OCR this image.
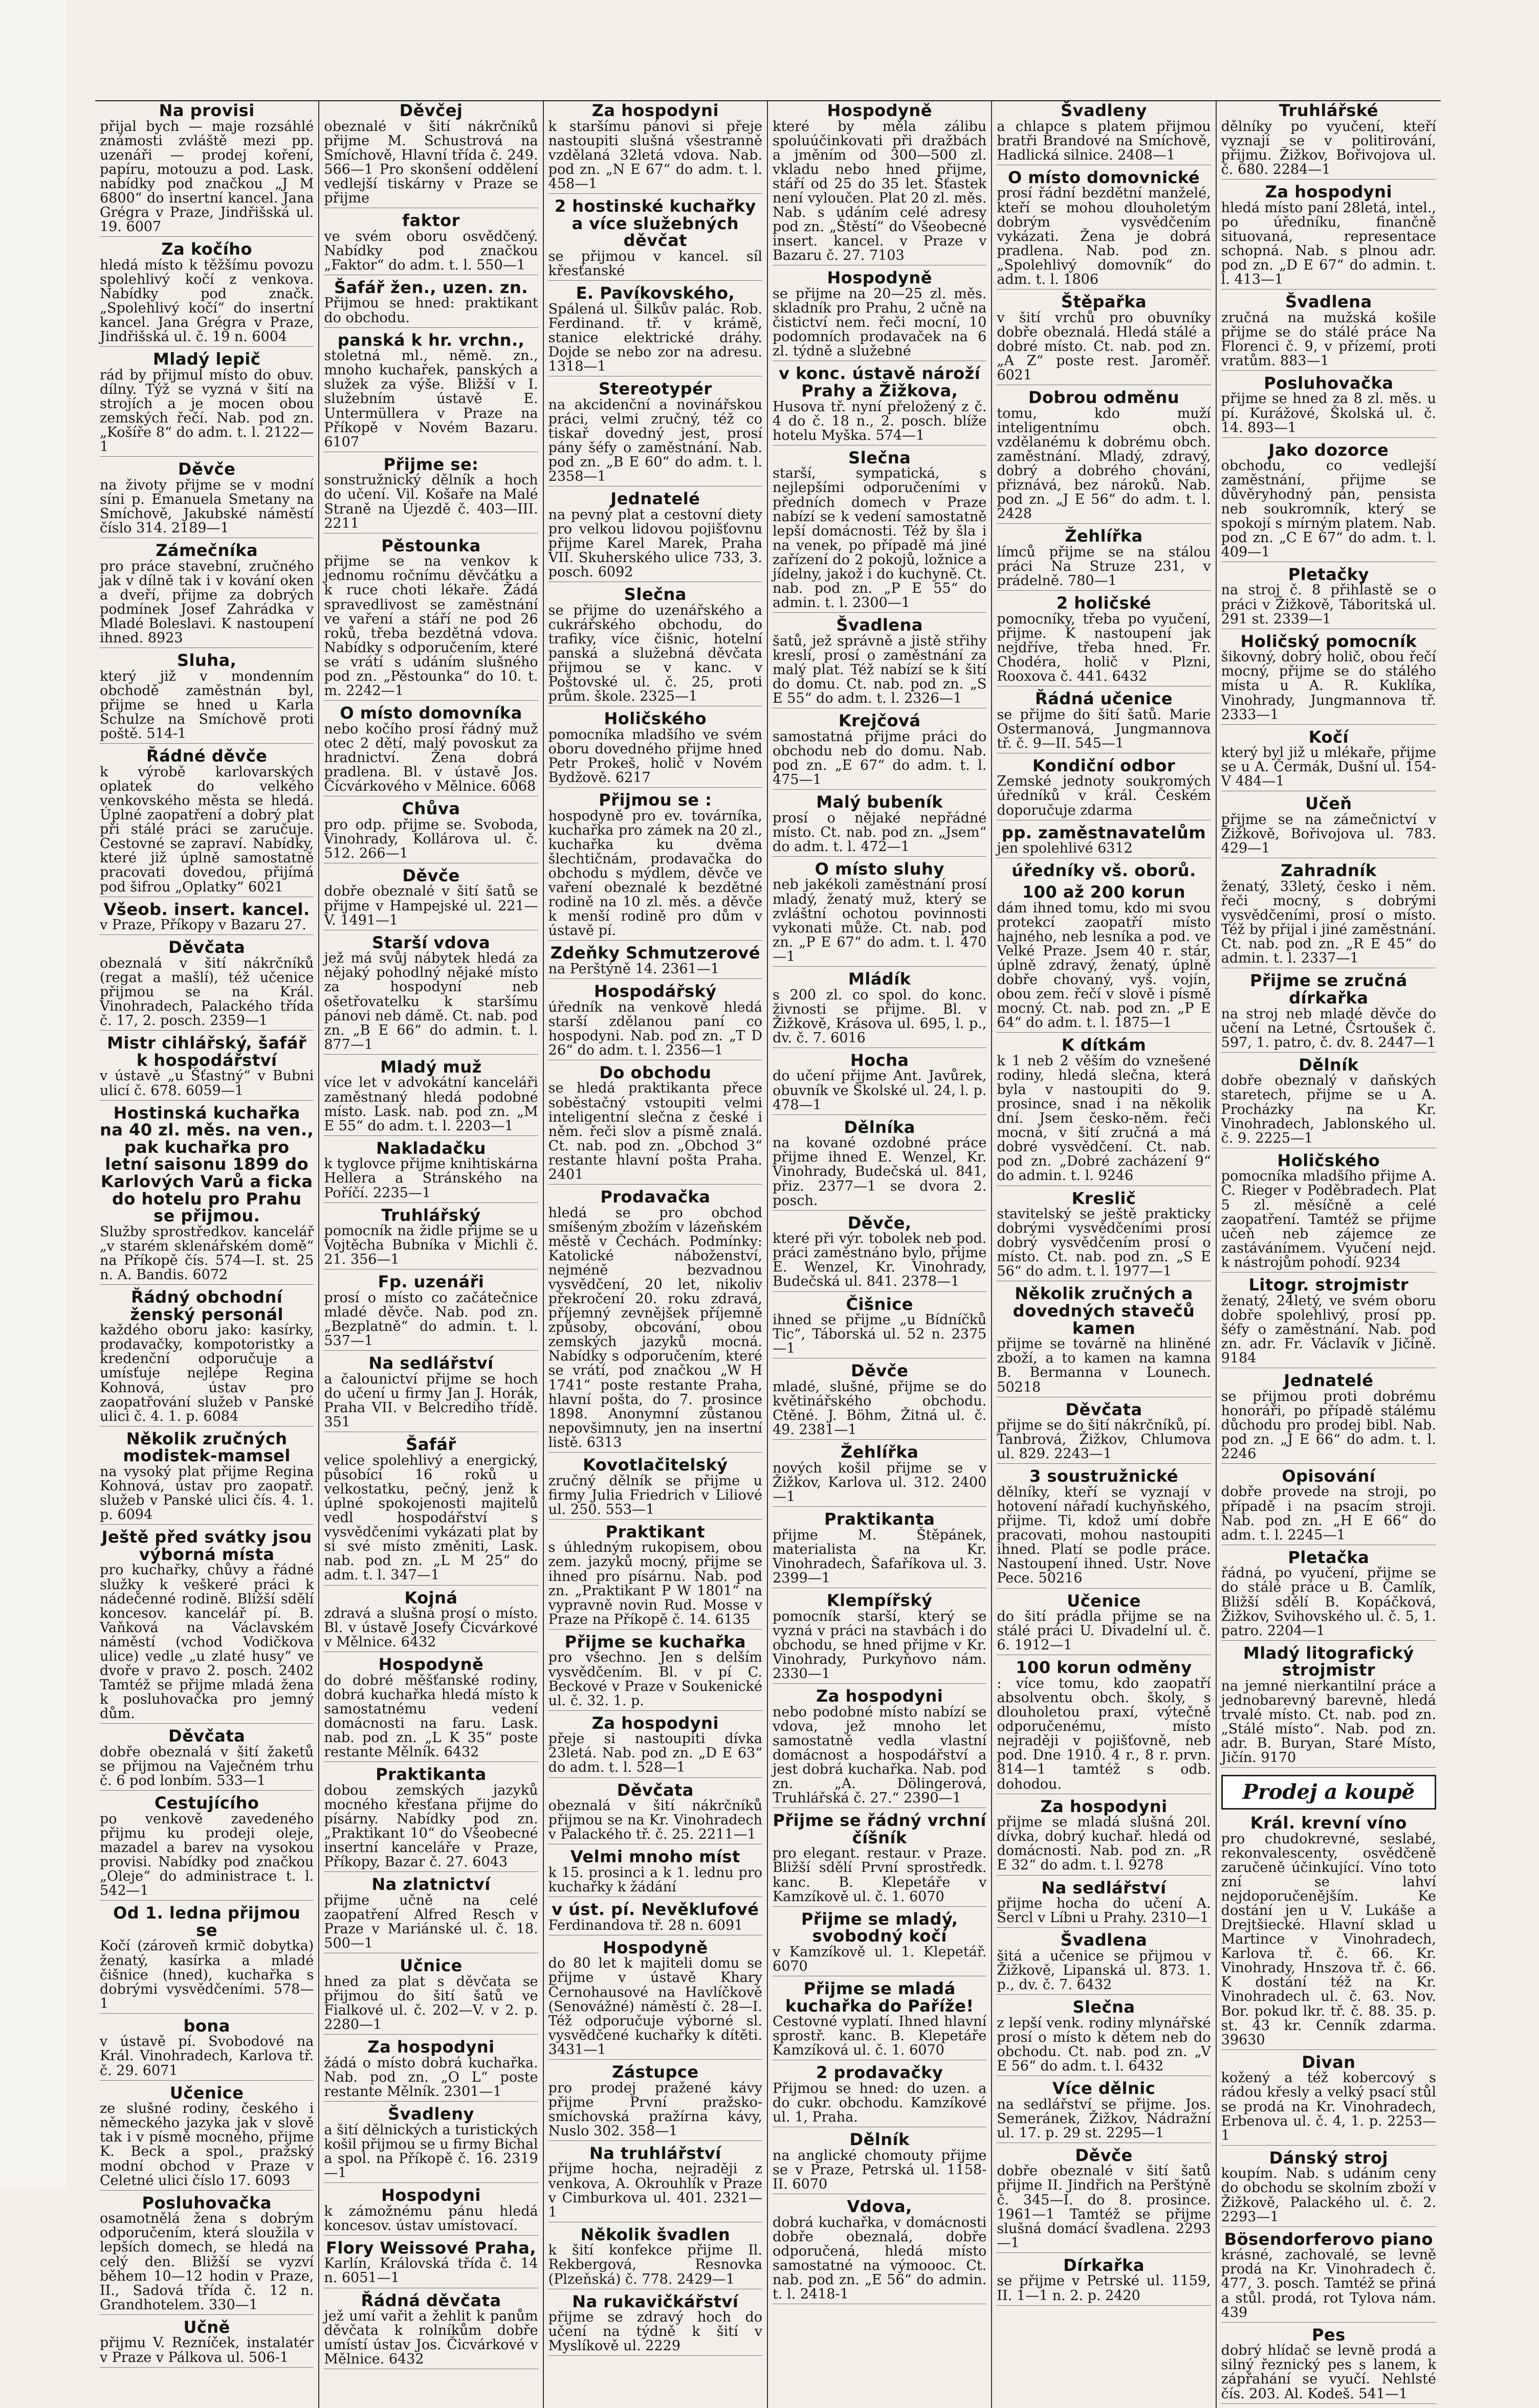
Na provisi
přijal bych — maje rozsáhlé známosti zvláště mezi pp. uzenáři — prodej koření, papíru, motouzu a pod. Lask. nabídky pod značkou „J M 6800“ do insertní kancel. Jana Grégra v Praze, Jindřišská ul. 19. 6007
Za kočího
hledá místo k těžšímu povozu spolehlivý kočí z venkova. Nabídky pod značk. „Spolehlivý kočí“ do insertní kancel. Jana Grégra v Praze, Jindřišská ul. č. 19 n. 6004
Mladý lepič
rád by přijmul místo do obuv. dílny. Týž se vyzná v šití na strojích a je mocen obou zemských řečí. Nab. pod zn. „Košíře 8“ do adm. t. l. 2122—1
Děvče
na životy přijme se v modní síni p. Emanuela Smetany na Smíchově, Jakubské náměstí číslo 314. 2189—1
Zámečníka
pro práce stavební, zručného jak v dílně tak i v kování oken a dveří, přijme za dobrých podmínek Josef Zahrádka v Mladé Boleslavi. K nastoupení ihned. 8923
Sluha,
který již v mondenním obchodě zaměstnán byl, přijme se hned u Karla Schulze na Smíchově proti poště. 514-1
Řádné děvče
k výrobě karlovarských oplatek do velkého venkovského města se hledá. Úplné zaopatření a dobrý plat při stálé práci se zaručuje. Cestovné se zapraví. Nabídky, které již úplně samostatně pracovati dovedou, přijímá pod šifrou „Oplatky“ 6021
Všeob. insert. kancel.
v Praze, Příkopy v Bazaru 27.
Děvčata
obeznalá v šití nákrčníků (regat a mašlí), též učenice přijmou se na Král. Vinohradech, Palackého třída č. 17, 2. posch. 2359—1
Mistr cihlářský, šafář k hospodářství
v ústavě „u Šťastný“ v Bubni ulicí č. 678. 6059—1
Hostinská kuchařka na 40 zl. měs. na ven., pak kuchařka pro letní saisonu 1899 do Karlových Varů a ficka do hotelu pro Prahu se přijmou.
Služby sprostředkov. kancelář „v starém sklenářském domě“ na Příkopě čís. 574—I. st. 25 n. A. Bandis. 6072
Řádný obchodní ženský personál
každého oboru jako: kasírky, prodavačky, kompotoristky a kredenční odporučuje a umísťuje nejlépe Regina Kohnová, ústav pro zaopatřování služeb v Panské ulici č. 4. 1. p. 6084
Několik zručných modistek-mamsel
na vysoký plat přijme Regina Kohnová, ústav pro zaopatř. služeb v Panské ulici čís. 4. 1. p. 6094
Ještě před svátky jsou výborná místa
pro kuchařky, chůvy a řádné služky k veškeré práci k nádečenné rodině. Bližší sdělí koncesov. kancelář pí. B. Vaňková na Václavském náměstí (vchod Vodičkova ulice) vedle „u zlaté husy“ ve dvoře v pravo 2. posch. 2402 Tamtéž se přijme mladá žena k posluhovačka pro jemný dům.
Děvčata
dobře obeznalá v šití žaketů se přijmou na Vaječném trhu č. 6 pod lonbím. 533—1
Cestujícího
po venkově zavedeného přijmu ku prodeji oleje, mazadel a barev na vysokou provisi. Nabídky pod značkou „Oleje“ do administrace t. l. 542—1
Od 1. ledna přijmou se
Kočí (zároveň krmič dobytka) ženatý, kasírka a mladé čišnice (hned), kuchařka s dobrými vysvědčeními. 578—1
bona
v ústavě pí. Svobodové na Král. Vinohradech, Karlova tř. č. 29. 6071
Učenice
ze slušné rodiny, českého i německého jazyka jak v slově tak i v písmě mocného, přijme K. Beck a spol., pražský modní obchod v Praze v Celetné ulici číslo 17. 6093
Posluhovačka
osamotnělá žena s dobrým odporučením, která sloužila v lepších domech, se hledá na celý den. Bližší se vyzví během 10—12 hodin v Praze, II., Sadová třída č. 12 n. Grandhotelem. 330—1
Učně
přijmu V. Rezníček, instalatér v Praze v Pálkova ul. 506-1
Děvčej
obeznalé v šití nákrčníků přijme M. Schustrová na Smíchově, Hlavní třída č. 249. 566—1 Pro skonšení oddělení vedlejší tiskárny v Praze se přijme
faktor
ve svém oboru osvědčený. Nabídky pod značkou „Faktor“ do adm. t. l. 550—1
Šafář žen., uzen. zn.
Přijmou se hned: praktikant do obchodu.
panská k hr. vrchn.,
stoletná ml., němě. zn., mnoho kuchařek, panských a služek za výše. Bližší v I. služebním ústavě E. Untermüllera v Praze na Příkopě v Novém Bazaru. 6107
Přijme se:
sonstružnický dělník a hoch do učení. Vil. Košaře na Malé Straně na Újezdě č. 403—III. 2211
Pěstounka
přijme se na venkov k jednomu ročnímu děvčátku a k ruce choti lékaře. Žádá spravedlivost se zaměstnání ve vaření a stáří ne pod 26 roků, třeba bezdětná vdova. Nabídky s odporučením, které se vrátí s udáním slušného pod zn. „Pěstounka“ do 10. t. m. 2242—1
O místo domovníka
nebo kočího prosí řádný muž otec 2 dětí, malý povoskut za hradnictví. Žena dobrá pradlena. Bl. v ústavě Jos. Čícvárkového v Mělnice. 6068
Chůva
pro odp. přijme se. Svoboda, Vinohrady, Kollárova ul. č. 512. 266—1
Děvče
dobře obeznalé v šití šatů se přijme v Hampejské ul. 221—V. 1491—1
Starší vdova
jež má svůj nábytek hledá za nějaký pohodlný nějaké místo za hospodyní neb ošetřovatelku k staršímu pánovi neb dámě. Ct. nab. pod zn. „B E 66“ do admin. t. l. 877—1
Mladý muž
více let v advokátní kanceláři zaměstnaný hledá podobné místo. Lask. nab. pod zn. „M E 55“ do adm. t. l. 2203—1
Nakladačku
k tyglovce přijme knihtiskárna Hellera a Stránského na Poříčí. 2235—1
Truhlářský
pomocník na židle přijme se u Vojtěcha Bubníka v Michli č. 21. 356—1
Fp. uzenáři
prosí o místo co začátečnice mladé děvče. Nab. pod zn. „Bezplatně“ do admin. t. l. 537—1
Na sedlářství
a čalounictví přijme se hoch do učení u firmy Jan J. Horák, Praha VII. v Belcrediho třídě. 351
Šafář
velice spolehlivý a energický, působící 16 roků u velkostatku, pečný, jenž k úplné spokojenosti majitelů vedl hospodářství s vysvědčeními vykázati plat by si své místo změniti, Lask. nab. pod zn. „L M 25“ do adm. t. l. 347—1
Kojná
zdravá a slušná prosí o místo. Bl. v ústavě Josefy Čicvárkové v Mělnice. 6432
Hospodyně
do dobré měšťanské rodiny, dobrá kuchařka hledá místo k samostatnému vedení domácnosti na faru. Lask. nab. pod zn. „L K 35“ poste restante Mělník. 6432
Praktikanta
dobou zemských jazyků mocného křesťana přijme do písárny. Nabídky pod zn. „Praktikant 10“ do Všeobecné insertní kanceláře v Praze, Příkopy, Bazar č. 27. 6043
Na zlatnictví
přijme učně na celé zaopatření Alfred Resch v Praze v Mariánské ul. č. 18. 500—1
Učnice
hned za plat s děvčata se přijmou do šití šatů ve Fialkové ul. č. 202—V. v 2. p. 2280—1
Za hospodyni
žádá o místo dobrá kuchařka. Nab. pod zn. „O L“ poste restante Mělník. 2301—1
Švadleny
a šití dělnických a turistických košil přijmou se u firmy Bichal a spol. na Příkopě č. 16. 2319—1
Hospodyni
k zámožnému pánu hledá koncesov. ústav umístovací.
Flory Weissové Praha,
Karlín, Královská třída č. 14 n. 6051—1
Řádná děvčata
jež umí vařit a žehlit k panům děvčata k rolníkům dobře umístí ústav Jos. Čicvárkové v Mělnice. 6432
Za hospodyni
k staršímu pánovi si přeje nastoupiti slušná všestranně vzdělaná 32letá vdova. Nab. pod zn. „N E 67“ do adm. t. l. 458—1
2 hostinské kuchařky a více služebných děvčat
se přijmou v kancel. síl křesťanské
E. Pavíkovského,
Spálená ul. Šilkův palác. Rob. Ferdinand. tř. v krámě, stanice elektrické dráhy. Dojde se nebo zor na adresu. 1318—1
Stereotypér
na akcidenční a novinářskou práci, velmi zručný, též co tiskař dovedný jest, prosí pány šéfy o zaměstnání. Nab. pod zn. „B E 60“ do adm. t. l. 2358—1
Jednatelé
na pevný plat a cestovní diety pro velkou lidovou pojišťovnu přijme Karel Marek, Praha VII. Skuherského ulice 733, 3. posch. 6092
Slečna
se přijme do uzenářského a cukrářského obchodu, do trafiky, více čišnic, hotelní panská a služebná děvčata přijmou se v kanc. v Poštovské ul. č. 25, proti prům. škole. 2325—1
Holičského
pomocníka mladšího ve svém oboru dovedného přijme hned Petr Prokeš, holič v Novém Bydžově. 6217
Přijmou se :
hospodyně pro ev. továrníka, kuchařka pro zámek na 20 zl., kuchařka ku dvěma šlechtičnám, prodavačka do obchodu s mýdlem, děvče ve vaření obeznalé k bezdětné rodině na 10 zl. měs. a děvče k menší rodině pro dům v ústavě pí.
Zdeňky Schmutzerové
na Perštýně 14. 2361—1
Hospodářský
úředník na venkově hledá starší zdělanou paní co hospodyni. Nab. pod zn. „T D 26“ do adm. t. l. 2356—1
Do obchodu
se hledá praktikanta přece soběstačný vstoupiti velmi inteligentní slečna z české i něm. řeči slov a písmě znalá. Ct. nab. pod zn. „Obchod 3“ restante hlavní pošta Praha. 2401
Prodavačka
hledá se pro obchod smíšeným zbožím v lázeňském městě v Čechách. Podmínky: Katolické náboženství, nejméně bezvadnou vysvědčení, 20 let, nikoliv překročení 20. roku zdravá, příjemný zevnějšek příjemně způsoby, obcování, obou zemských jazyků mocná. Nabídky s odporučením, které se vrátí, pod značkou „W H 1741“ poste restante Praha, hlavní pošta, do 7. prosince 1898. Anonymní zůstanou nepovšimnuty, jen na insertní listě. 6313
Kovotlačitelský
zručný dělník se přijme u firmy Julia Friedrich v Liliové ul. 250. 553—1
Praktikant
s úhledným rukopisem, obou zem. jazyků mocný, přijme se ihned pro písárnu. Nab. pod zn. „Praktikant P W 1801“ na vypravně novin Rud. Mosse v Praze na Příkopě č. 14. 6135
Přijme se kuchařka
pro všechno. Jen s delším vysvědčením. Bl. v pí C. Beckové v Praze v Soukenické ul. č. 32. 1. p.
Za hospodyni
přeje si nastoupiti dívka 23letá. Nab. pod zn. „D E 63“ do adm. t. l. 528—1
Děvčata
obeznalá v šití nákrčníků přijmou se na Kr. Vinohradech v Palackého tř. č. 25. 2211—1
Velmi mnoho míst
k 15. prosinci a k 1. lednu pro kuchařky k žádání
v úst. pí. Nevěklufové
Ferdinandova tř. 28 n. 6091
Hospodyně
do 80 let k majiteli domu se přijme v ústavě Khary Černohausové na Havlíčkově (Senovážné) náměstí č. 28—I. Též odporučuje výborné sl. vysvědčené kuchařky k dítěti. 3431—1
Zástupce
pro prodej pražené kávy přijme První pražsko-smíchovská pražírna kávy, Nuslo 302. 358—1
Na truhlářství
přijme hocha, nejraději z venkova, A. Okrouhlík v Praze v Cimburkova ul. 401. 2321—1
Několik švadlen
k šití konfekce přijme Il. Rekbergová, Resnovka (Plzeňská) č. 778. 2429—1
Na rukavičkářství
přijme se zdravý hoch do učení na týdně k šití v Myslíkově ul. 2229
Hospodyně
které by měla zálibu spoluúčinkovati při dražbách a jměním od 300—500 zl. vkladu nebo hned přijme, stáří od 25 do 35 let. Šťastek není vyloučen. Plat 20 zl. měs. Nab. s udáním celé adresy pod zn. „Štěstí“ do Všeobecné insert. kancel. v Praze v Bazaru č. 27. 7103
Hospodyně
se přijme na 20—25 zl. měs. skladník pro Prahu, 2 učně na čistictví nem. řeči mocní, 10 podomních prodavaček na 6 zl. týdně a služebné
v konc. ústavě nároží Prahy a Žižkova,
Husova tř. nyní přeložený z č. 4 do č. 18 n., 2. posch. blíže hotelu Myška. 574—1
Slečna
starší, sympatická, s nejlepšími odporučeními v předních domech v Praze nabízí se k vedení samostatně lepší domácnosti. Též by šla i na venek, po případě má jiné zařízení do 2 pokojů, ložnice a jídelny, jakož i do kuchyně. Ct. nab. pod zn. „P E 55“ do admin. t. l. 2300—1
Švadlena
šatů, jež správně a jistě střihy kreslí, prosí o zaměstnání za malý plat. Též nabízí se k šití do domu. Ct. nab. pod zn. „S E 55“ do adm. t. l. 2326—1
Krejčová
samostatná přijme práci do obchodu neb do domu. Nab. pod zn. „E 67“ do adm. t. l. 475—1
Malý bubeník
prosí o nějaké nepřádné místo. Ct. nab. pod zn. „Jsem“ do adm. t. l. 472—1
O místo sluhy
neb jakékoli zaměstnání prosí mladý, ženatý muž, který se zvláštní ochotou povinnosti vykonati může. Ct. nab. pod zn. „P E 67“ do adm. t. l. 470—1
Mládík
s 200 zl. co spol. do konc. živnosti se přijme. Bl. v Žižkově, Krásova ul. 695, l. p., dv. č. 7. 6016
Hocha
do učení přijme Ant. Javůrek, obuvník ve Školské ul. 24, l. p. 478—1
Dělníka
na kované ozdobné práce přijme ihned E. Wenzel, Kr. Vinohrady, Budečská ul. 841, přiz. 2377—1 se dvora 2. posch.
Děvče,
které při výr. tobolek neb pod. práci zaměstnáno bylo, přijme E. Wenzel, Kr. Vinohrady, Budečská ul. 841. 2378—1
Čišnice
ihned se přijme „u Bídníčků Tic“, Táborská ul. 52 n. 2375—1
Děvče
mladé, slušné, přijme se do květinářského obchodu. Ctěné. J. Böhm, Žitná ul. č. 49. 2381—1
Žehlířka
nových košil přijme se v Žižkov, Karlova ul. 312. 2400—1
Praktikanta
přijme M. Štěpánek, materialista na Kr. Vinohradech, Šafaříkova ul. 3. 2399—1
Klempířský
pomocník starší, který se vyzná v práci na stavbách i do obchodu, se hned přijme v Kr. Vinohrady, Purkyňovo nám. 2330—1
Za hospodyni
nebo podobné místo nabízí se vdova, jež mnoho let samostatně vedla vlastní domácnost a hospodářství a jest dobrá kuchařka. Nab. pod zn. „A. Dölingerová, Truhlářská č. 27.“ 2390—1
Přijme se řádný vrchní číšník
pro elegant. restaur. v Praze. Bližší sdělí První sprostředk. kanc. B. Klepetáře v Kamzíkově ul. č. 1. 6070
Přijme se mladý, svobodný kočí
v Kamzíkově ul. 1. Klepetář. 6070
Přijme se mladá kuchařka do Paříže!
Cestovné vyplatí. Ihned hlavní sprostř. kanc. B. Klepetáře Kamzíková ul. č. 1. 6070
2 prodavačky
Přijmou se hned: do uzen. a do cukr. obchodu. Kamzíkové ul. 1, Praha.
Dělník
na anglické chomouty přijme se v Praze, Petrská ul. 1158-II. 6070
Vdova,
dobrá kuchařka, v domácnosti dobře obeznalá, dobře odporučená, hledá místo samostatné na výmoooc. Ct. nab. pod zn. „E 56“ do admin. t. l. 2418-1
Švadleny
a chlapce s platem přijmou bratři Brandové na Smíchově, Hadlická silnice. 2408—1
O místo domovnické
prosí řádní bezdětní manželé, kteří se mohou dlouholetým dobrým vysvědčením vykázati. Žena je dobrá pradlena. Nab. pod zn. „Spolehlivý domovník“ do adm. t. l. 1806
Štěpařka
v šití vrchů pro obuvníky dobře obeznalá. Hledá stálé a dobré místo. Ct. nab. pod zn. „A Z“ poste rest. Jaroměř. 6021
Dobrou odměnu
tomu, kdo muží inteligentnímu obch. vzdělanému k dobrému obch. zaměstnání. Mladý, zdravý, dobrý a dobrého chování, přiznává, bez nároků. Nab. pod zn. „J E 56“ do adm. t. l. 2428
Žehlířka
límců přijme se na stálou práci Na Struze 231, v prádelně. 780—1
2 holičské
pomocníky, třeba po vyučení, přijme. K nastoupení jak nejdříve, třeba hned. Fr. Chodéra, holič v Plzni, Rooxova č. 441. 6432
Řádná učenice
se přijme do šití šatů. Marie Ostermanová, Jungmannova tř. č. 9—II. 545—1
Kondiční odbor
Zemské jednoty soukromých úředníků v král. Českém doporučuje zdarma
pp. zaměstnavatelům
jen spolehlivé 6312
úředníky vš. oborů.
100 až 200 korun
dám ihned tomu, kdo mi svou protekcí zaopatří místo hajného, neb lesníka a pod. ve Velké Praze. Jsem 40 r. stár, úplně zdravý, ženatý, úplně dobře chovaný, vyš. vojín, obou zem. řečí v slově i písmě mocný. Ct. nab. pod zn. „P E 64“ do adm. t. l. 1875—1
K dítkám
k 1 neb 2 věším do vznešené rodiny, hledá slečna, která byla v nastoupiti do 9. prosince, snad i na několik dní. Jsem česko-něm. řeči mocná, v šití zručná a má dobré vysvědčení. Ct. nab. pod zn. „Dobré zacházení 9“ do admin. t. l. 9246
Kreslič
stavitelský se ještě prakticky dobrými vysvědčeními prosí dobrý vysvědčením prosí o místo. Ct. nab. pod zn. „S E 56“ do adm. t. l. 1977—1
Několik zručných a dovedných stavečů kamen
přijme se továrně na hliněné zboží, a to kamen na kamna B. Bermanna v Lounech. 50218
Děvčata
přijme se do šití nákrčníků, pí. Tanbrová, Žižkov, Chlumova ul. 829. 2243—1
3 soustružnické
dělníky, kteří se vyznají v hotovení nářadí kuchyňského, přijme. Ti, kdož umí dobře pracovati, mohou nastoupiti ihned. Platí se podle práce. Nastoupení ihned. Ustr. Nove Pece. 50216
Učenice
do šití prádla přijme se na stálé práci U. Divadelní ul. č. 6. 1912—1
100 korun odměny
: více tomu, kdo zaopatří absolventu obch. školy, s dlouholetou praxí, výtečně odporučenému, místo nejraději v pojišťovně, neb pod. Dne 1910. 4 r., 8 r. prvn. 814—1 tamtéž s odb. dohodou.
Za hospodyni
přijme se mladá slušná 20l. dívka, dobrý kuchař. hledá od domácnosti. Nab. pod zn. „R E 32“ do adm. t. l. 9278
Na sedlářství
přijme hocha do učení A. Šercl v Líbni u Prahy. 2310—1
Švadlena
šitá a učenice se přijmou v Žižkově, Lipanská ul. 873. 1. p., dv. č. 7. 6432
Slečna
z lepší venk. rodiny mlynářské prosí o místo k dětem neb do obchodu. Ct. nab. pod zn. „V E 56“ do adm. t. l. 6432
Více dělnic
na sedlářství se přijme. Jos. Semeránek, Žižkov, Nádražní ul. 17. p. 29 st. 2295—1
Děvče
dobře obeznalé v šití šatů přijme II. Jindřich na Perštýně č. 345—I. do 8. prosince. 1961—1 Tamtéž se přijme slušná domácí švadlena. 2293—1
Dírkařka
se přijme v Petrské ul. 1159, II. 1—1 n. 2. p. 2420
Truhlářské
dělníky po vyučení, kteří vyznají se v politirování, přijmu. Žižkov, Bořivojova ul. č. 680. 2284—1
Za hospodyni
hledá místo paní 28letá, intel., po úředníku, finančně situovaná, representace schopná. Nab. s plnou adr. pod zn. „D E 67“ do admin. t. l. 413—1
Švadlena
zručná na mužská košile přijme se do stálé práce Na Florenci č. 9, v přízemí, proti vratům. 883—1
Posluhovačka
přijme se hned za 8 zl. měs. u pí. Kurážové, Školská ul. č. 14. 893—1
Jako dozorce
obchodu, co vedlejší zaměstnání, přijme se důvěryhodný pán, pensista neb soukromník, který se spokojí s mírným platem. Nab. pod zn. „C E 67“ do adm. t. l. 409—1
Pletačky
na stroj č. 8 přihlastě se o práci v Žižkově, Táboritská ul. 291 st. 2339—1
Holičský pomocník
šikovný, dobrý holič, obou řečí mocný, přijme se do stálého místa u A. R. Kuklíka, Vinohrady, Jungmannova tř. 2333—1
Kočí
který byl již u mlékaře, přijme se u A. Čermák, Dušní ul. 154-V 484—1
Učeň
přijme se na zámečnictví v Žižkově, Bořivojova ul. 783. 429—1
Zahradník
ženatý, 33letý, česko i něm. řeči mocný, s dobrými vysvědčeními, prosí o místo. Též by přijal i jiné zaměstnání. Ct. nab. pod zn. „R E 45“ do admin. t. l. 2337—1
Přijme se zručná dírkařka
na stroj neb mladé děvče do učení na Letné, Čsrtoušek č. 597, 1. patro, č. dv. 8. 2447—1
Dělník
dobře obeznalý v daňských staretech, přijme se u A. Procházky na Kr. Vinohradech, Jablonského ul. č. 9. 2225—1
Holičského
pomocníka mladšího přijme A. C. Rieger v Poděbradech. Plat 5 zl. měsíčně a celé zaopatření. Tamtéž se přijme učeň neb zájemce ze zastávánímem. Vyučení nejd. k nástrojům pohodí. 9234
Litogr. strojmistr
ženatý, 24letý, ve svém oboru dobře spolehlivý, prosí pp. šéfy o zaměstnání. Nab. pod zn. adr. Fr. Václavík v Jičíně. 9184
Jednatelé
se přijmou proti dobrému honoráři, po případě stálému důchodu pro prodej bibl. Nab. pod zn. „J E 66“ do adm. t. l. 2246
Opisování
dobře provede na stroji, po případě i na psacím stroji. Nab. pod zn. „H E 66“ do adm. t. l. 2245—1
Pletačka
řádná, po vyučení, přijme se do stálé práce u B. Camlík, Bližší sdělí B. Kopáčková, Žižkov, Svihovského ul. č. 5, 1. patro. 2204—1
Mladý litografický strojmistr
na jemné nierkantilní práce a jednobarevný barevně, hledá trvalé místo. Ct. nab. pod zn. „Stálé místo“. Nab. pod zn. adr. B. Buryan, Staré Místo, Jičín. 9170
Prodej a koupě
Král. krevní víno
pro chudokrevné, seslabé, rekonvalescenty, osvědčeně zaručeně účinkující. Víno toto zní se lahví nejdoporučenějším. Ke dostání jen u V. Lukáše a Drejtšiecké. Hlavní sklad u Martince v Vinohradech, Karlova tř. č. 66. Kr. Vinohrady, Hnszova tř. č. 66. K dostání též na Kr. Vinohradech ul. č. 63. Nov. Bor. pokud lkr. tř. č. 88. 35. p. st. 43 kr. Cenník zdarma. 39630
Divan
kožený a též kobercový s rádou křesly a velký psací stůl se prodá na Kr. Vinohradech, Erbenova ul. č. 4, 1. p. 2253—1
Dánský stroj
koupím. Nab. s udáním ceny do obchodu se skolním zboží v Žižkově, Palackého ul. č. 2. 2293—1
Bösendorferovo piano
krásné, zachovalé, se levně prodá na Kr. Vinohradech č. 477, 3. posch. Tamtéž se přiná a stůl. prodá, rot Tylova nám. 439
Pes
dobrý hlídač se levně prodá a silný řeznický pes s lanem, k zápřahání se vyučí. Nehlsté čís. 203. Al. Kodeš. 541—1
